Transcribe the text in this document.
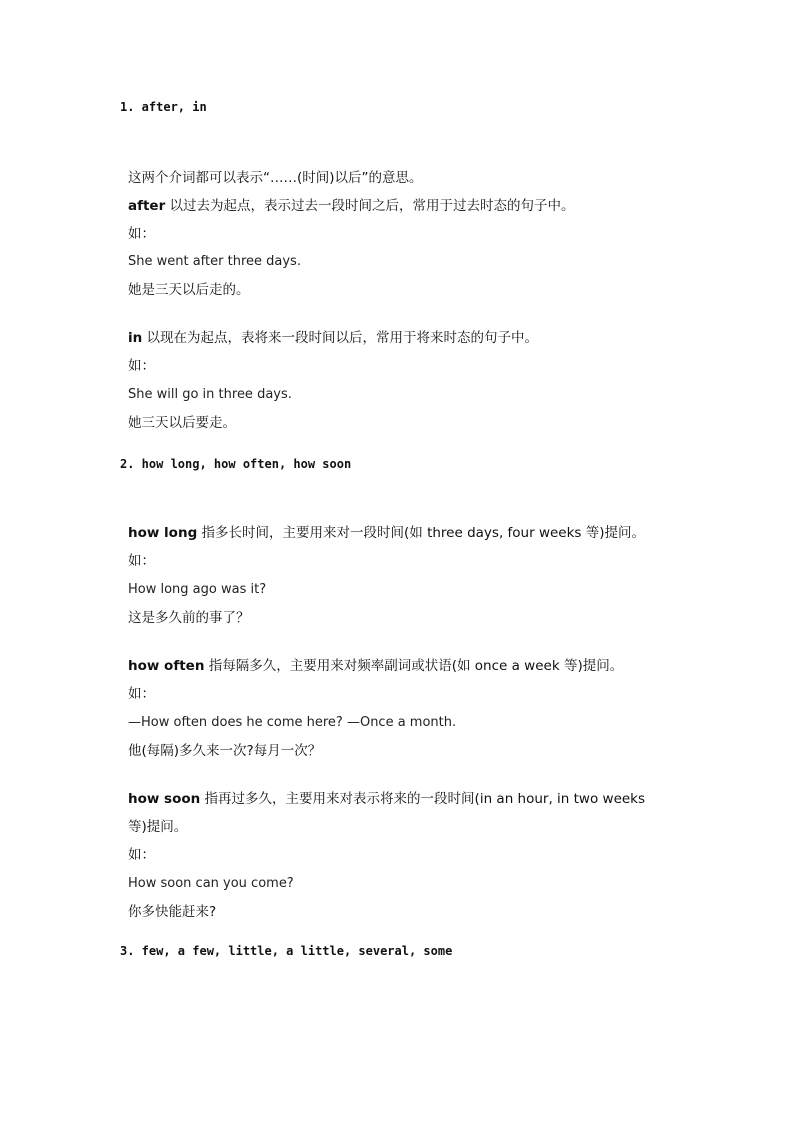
1. after, in
这两个介词都可以表示“……(时间)以后”的意思。
after 以过去为起点，表示过去一段时间之后，常用于过去时态的句子中。
如：
She went after three days.
她是三天以后走的。
in 以现在为起点，表将来一段时间以后，常用于将来时态的句子中。
如：
She will go in three days.
她三天以后要走。
2. how long, how often, how soon
how long 指多长时间，主要用来对一段时间(如 three days, four weeks 等)提问。
如：
How long ago was it?
这是多久前的事了？
how often 指每隔多久，主要用来对频率副词或状语(如 once a week 等)提问。
如：
—How often does he come here? —Once a month.
他(每隔)多久来一次?每月一次？
how soon 指再过多久，主要用来对表示将来的一段时间(in an hour, in two weeks
等)提问。
如：
How soon can you come?
你多快能赶来?
3. few, a few, little, a little, several, some
